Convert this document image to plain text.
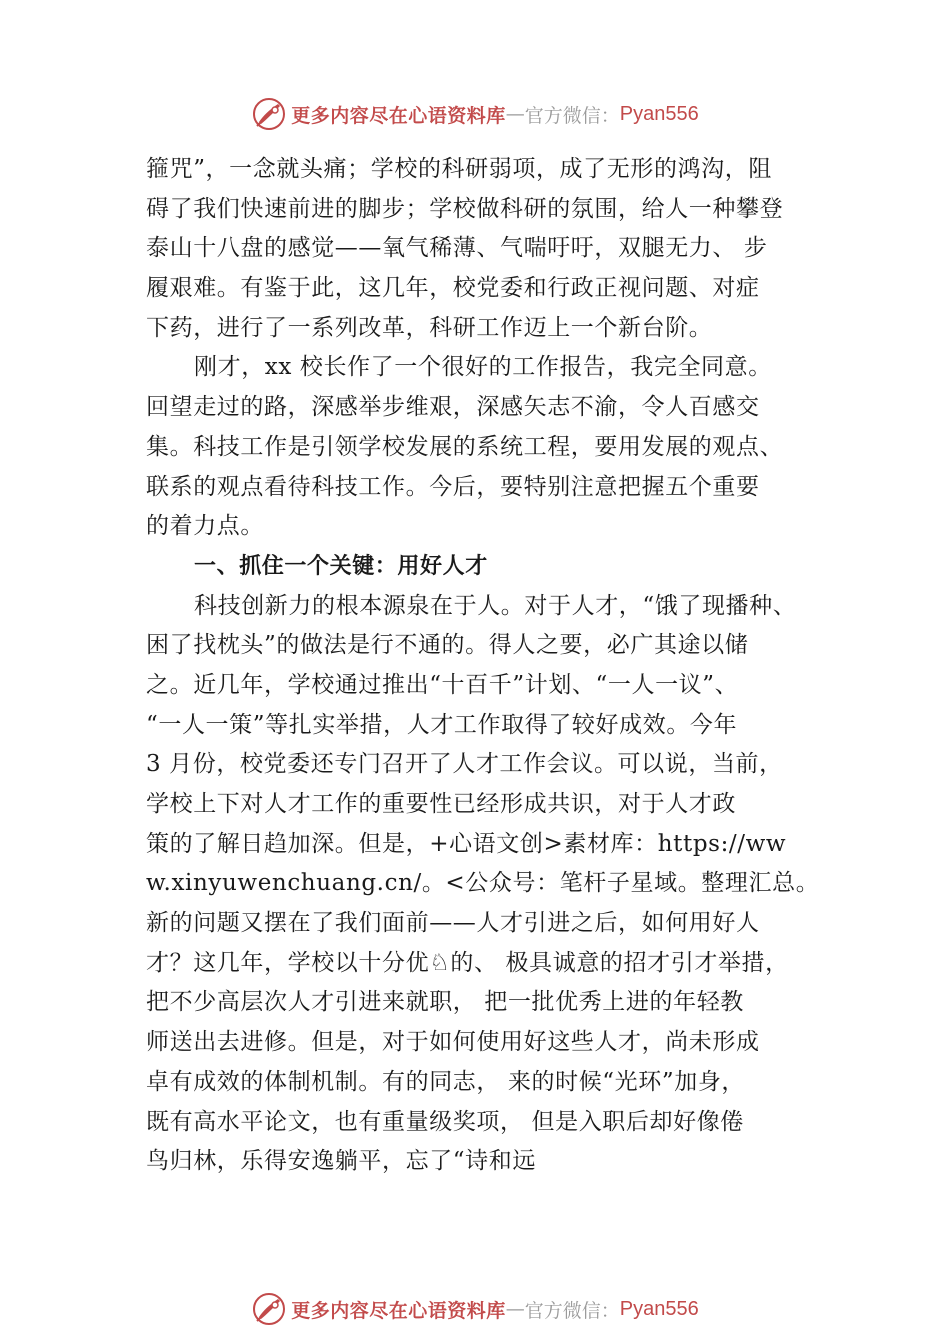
更多内容尽在心语资料库 — 官方微信： Pyan556
箍咒”，一念就头痛；学校的科研弱项，成了无形的鸿沟，阻
碍了我们快速前进的脚步；学校做科研的氛围，给人一种攀登
泰山十八盘的感觉——氧气稀薄、气喘吁吁，双腿无力、 步
履艰难。有鉴于此，这几年，校党委和行政正视问题、对症
下药，进行了一系列改革，科研工作迈上一个新台阶。
刚才，xx 校长作了一个很好的工作报告，我完全同意。
回望走过的路，深感举步维艰，深感矢志不渝，令人百感交
集。科技工作是引领学校发展的系统工程，要用发展的观点、
联系的观点看待科技工作。今后，要特别注意把握五个重要
的着力点。
一、抓住一个关键：用好人才
科技创新力的根本源泉在于人。对于人才，“饿了现播种、
困了找枕头”的做法是行不通的。得人之要，必广其途以储
之。近几年，学校通过推出“十百千”计划、“一人一议”、
“一人一策”等扎实举措，人才工作取得了较好成效。今年
3 月份，校党委还专门召开了人才工作会议。可以说，当前，
学校上下对人才工作的重要性已经形成共识，对于人才政
策的了解日趋加深。但是，+心语文创>素材库：https://ww
w.xinyuwenchuang.cn/。<公众号：笔杆子星域。整理汇总。
新的问题又摆在了我们面前——人才引进之后，如何用好人
才？这几年，学校以十分优♘的、 极具诚意的招才引才举措，
把不少高层次人才引进来就职， 把一批优秀上进的年轻教
师送出去进修。但是，对于如何使用好这些人才，尚未形成
卓有成效的体制机制。有的同志， 来的时候“光环”加身，
既有高水平论文，也有重量级奖项， 但是入职后却好像倦
鸟归林，乐得安逸躺平，忘了“诗和远
更多内容尽在心语资料库 — 官方微信： Pyan556
